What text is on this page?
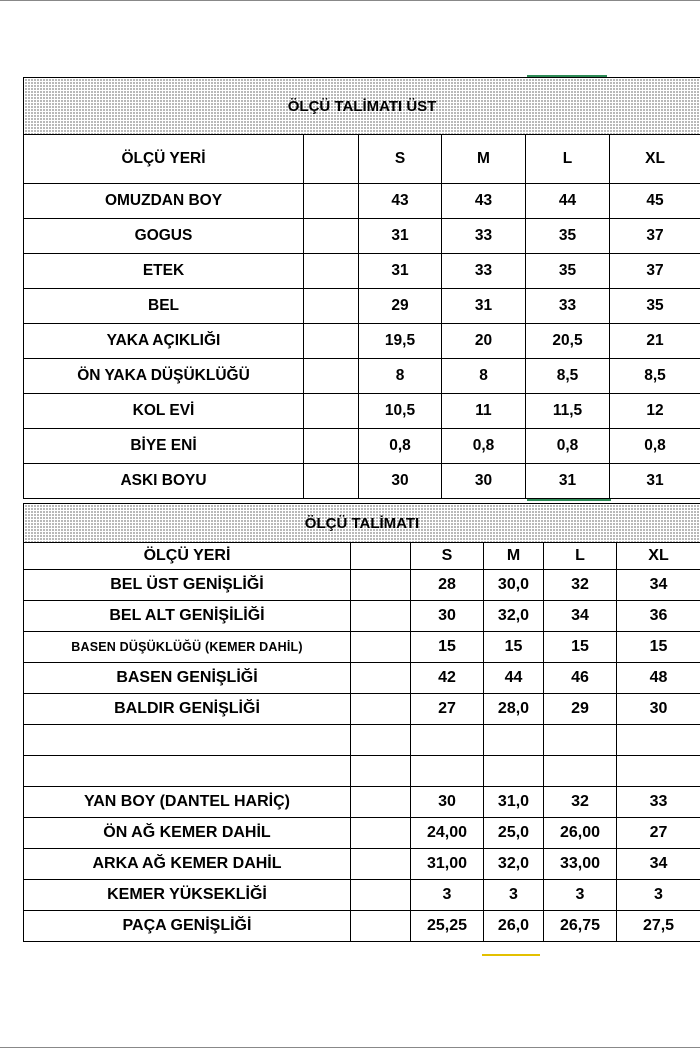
ÖLÇÜ TALİMATI ÜST					
ÖLÇÜ YERİ		S	M	L	XL
OMUZDAN BOY		43	43	44	45
GOGUS		31	33	35	37
ETEK		31	33	35	37
BEL		29	31	33	35
YAKA AÇIKLIĞI		19,5	20	20,5	21
ÖN YAKA DÜŞÜKLÜĞÜ		8	8	8,5	8,5
KOL EVİ		10,5	11	11,5	12
BİYE ENİ		0,8	0,8	0,8	0,8
ASKI BOYU		30	30	31	31
ÖLÇÜ TALİMATI					
ÖLÇÜ YERİ		S	M	L	XL
BEL ÜST GENİŞLİĞİ		28	30,0	32	34
BEL ALT GENİŞİLİĞİ		30	32,0	34	36
BASEN DÜŞÜKLÜĞÜ (KEMER DAHİL)		15	15	15	15
BASEN GENİŞLİĞİ		42	44	46	48
BALDIR GENİŞLİĞİ		27	28,0	29	30

YAN BOY (DANTEL HARİÇ)		30	31,0	32	33
ÖN AĞ KEMER DAHİL		24,00	25,0	26,00	27
ARKA AĞ KEMER DAHİL		31,00	32,0	33,00	34
KEMER YÜKSEKLİĞİ		3	3	3	3
PAÇA GENİŞLİĞİ		25,25	26,0	26,75	27,5
